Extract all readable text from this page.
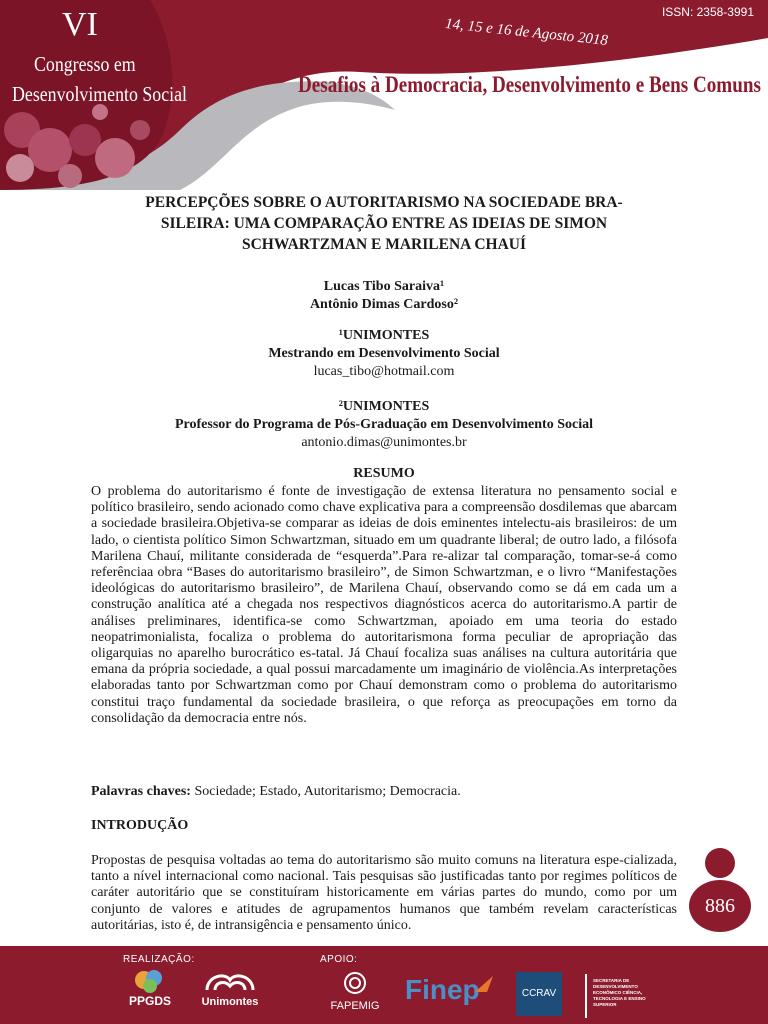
VI
Congresso em
Desenvolvimento Social
ISSN: 2358-3991
14, 15 e 16 de Agosto 2018
Desafios à Democracia, Desenvolvimento e Bens Comuns
PERCEPÇÕES SOBRE O AUTORITARISMO NA SOCIEDADE BRA-
SILEIRA: UMA COMPARAÇÃO ENTRE AS IDEIAS DE SIMON
SCHWARTZMAN E MARILENA CHAUÍ
Lucas Tibo Saraiva¹
Antônio Dimas Cardoso²
¹UNIMONTES
Mestrando em Desenvolvimento Social
lucas_tibo@hotmail.com
²UNIMONTES
Professor do Programa de Pós-Graduação em Desenvolvimento Social
antonio.dimas@unimontes.br
RESUMO
O problema do autoritarismo é fonte de investigação de extensa literatura no pensamento social e político brasileiro, sendo acionado como chave explicativa para a compreensão dosdilemas que abarcam a sociedade brasileira.Objetiva-se comparar as ideias de dois eminentes intelectu-ais brasileiros: de um lado, o cientista político Simon Schwartzman, situado em um quadrante liberal; de outro lado, a filósofa Marilena Chauí, militante considerada de “esquerda”.Para re-alizar tal comparação, tomar-se-á como referênciaa obra “Bases do autoritarismo brasileiro”, de Simon Schwartzman, e o livro “Manifestações ideológicas do autoritarismo brasileiro”, de Marilena Chauí, observando como se dá em cada um a construção analítica até a chegada nos respectivos diagnósticos acerca do autoritarismo.A partir de análises preliminares, identifica-se como Schwartzman, apoiado em uma teoria do estado neopatrimonialista, focaliza o problema do autoritarismona forma peculiar de apropriação das oligarquias no aparelho burocrático es-tatal. Já Chauí focaliza suas análises na cultura autoritária que emana da própria sociedade, a qual possui marcadamente um imaginário de violência.As interpretações elaboradas tanto por Schwartzman como por Chauí demonstram como o problema do autoritarismo constitui traço fundamental da sociedade brasileira, o que reforça as preocupações em torno da consolidação da democracia entre nós.
Palavras chaves: Sociedade; Estado, Autoritarismo; Democracia.
INTRODUÇÃO
Propostas de pesquisa voltadas ao tema do autoritarismo são muito comuns na literatura espe-cializada, tanto a nível internacional como nacional. Tais pesquisas são justificadas tanto por regimes políticos de caráter autoritário que se constituíram historicamente em várias partes do mundo, como por um conjunto de valores e atitudes de agrupamentos humanos que também revelam características autoritárias, isto é, de intransigência e pensamento único.
886
REALIZAÇÃO:	APOIO:
PPGDS	Unimontes	FAPEMIG
Finep	CCRAV
SECRETARIA DE DESENVOLVIMENTO ECONÔMICO CIÊNCIA, TECNOLOGIA E ENSINO SUPERIOR
